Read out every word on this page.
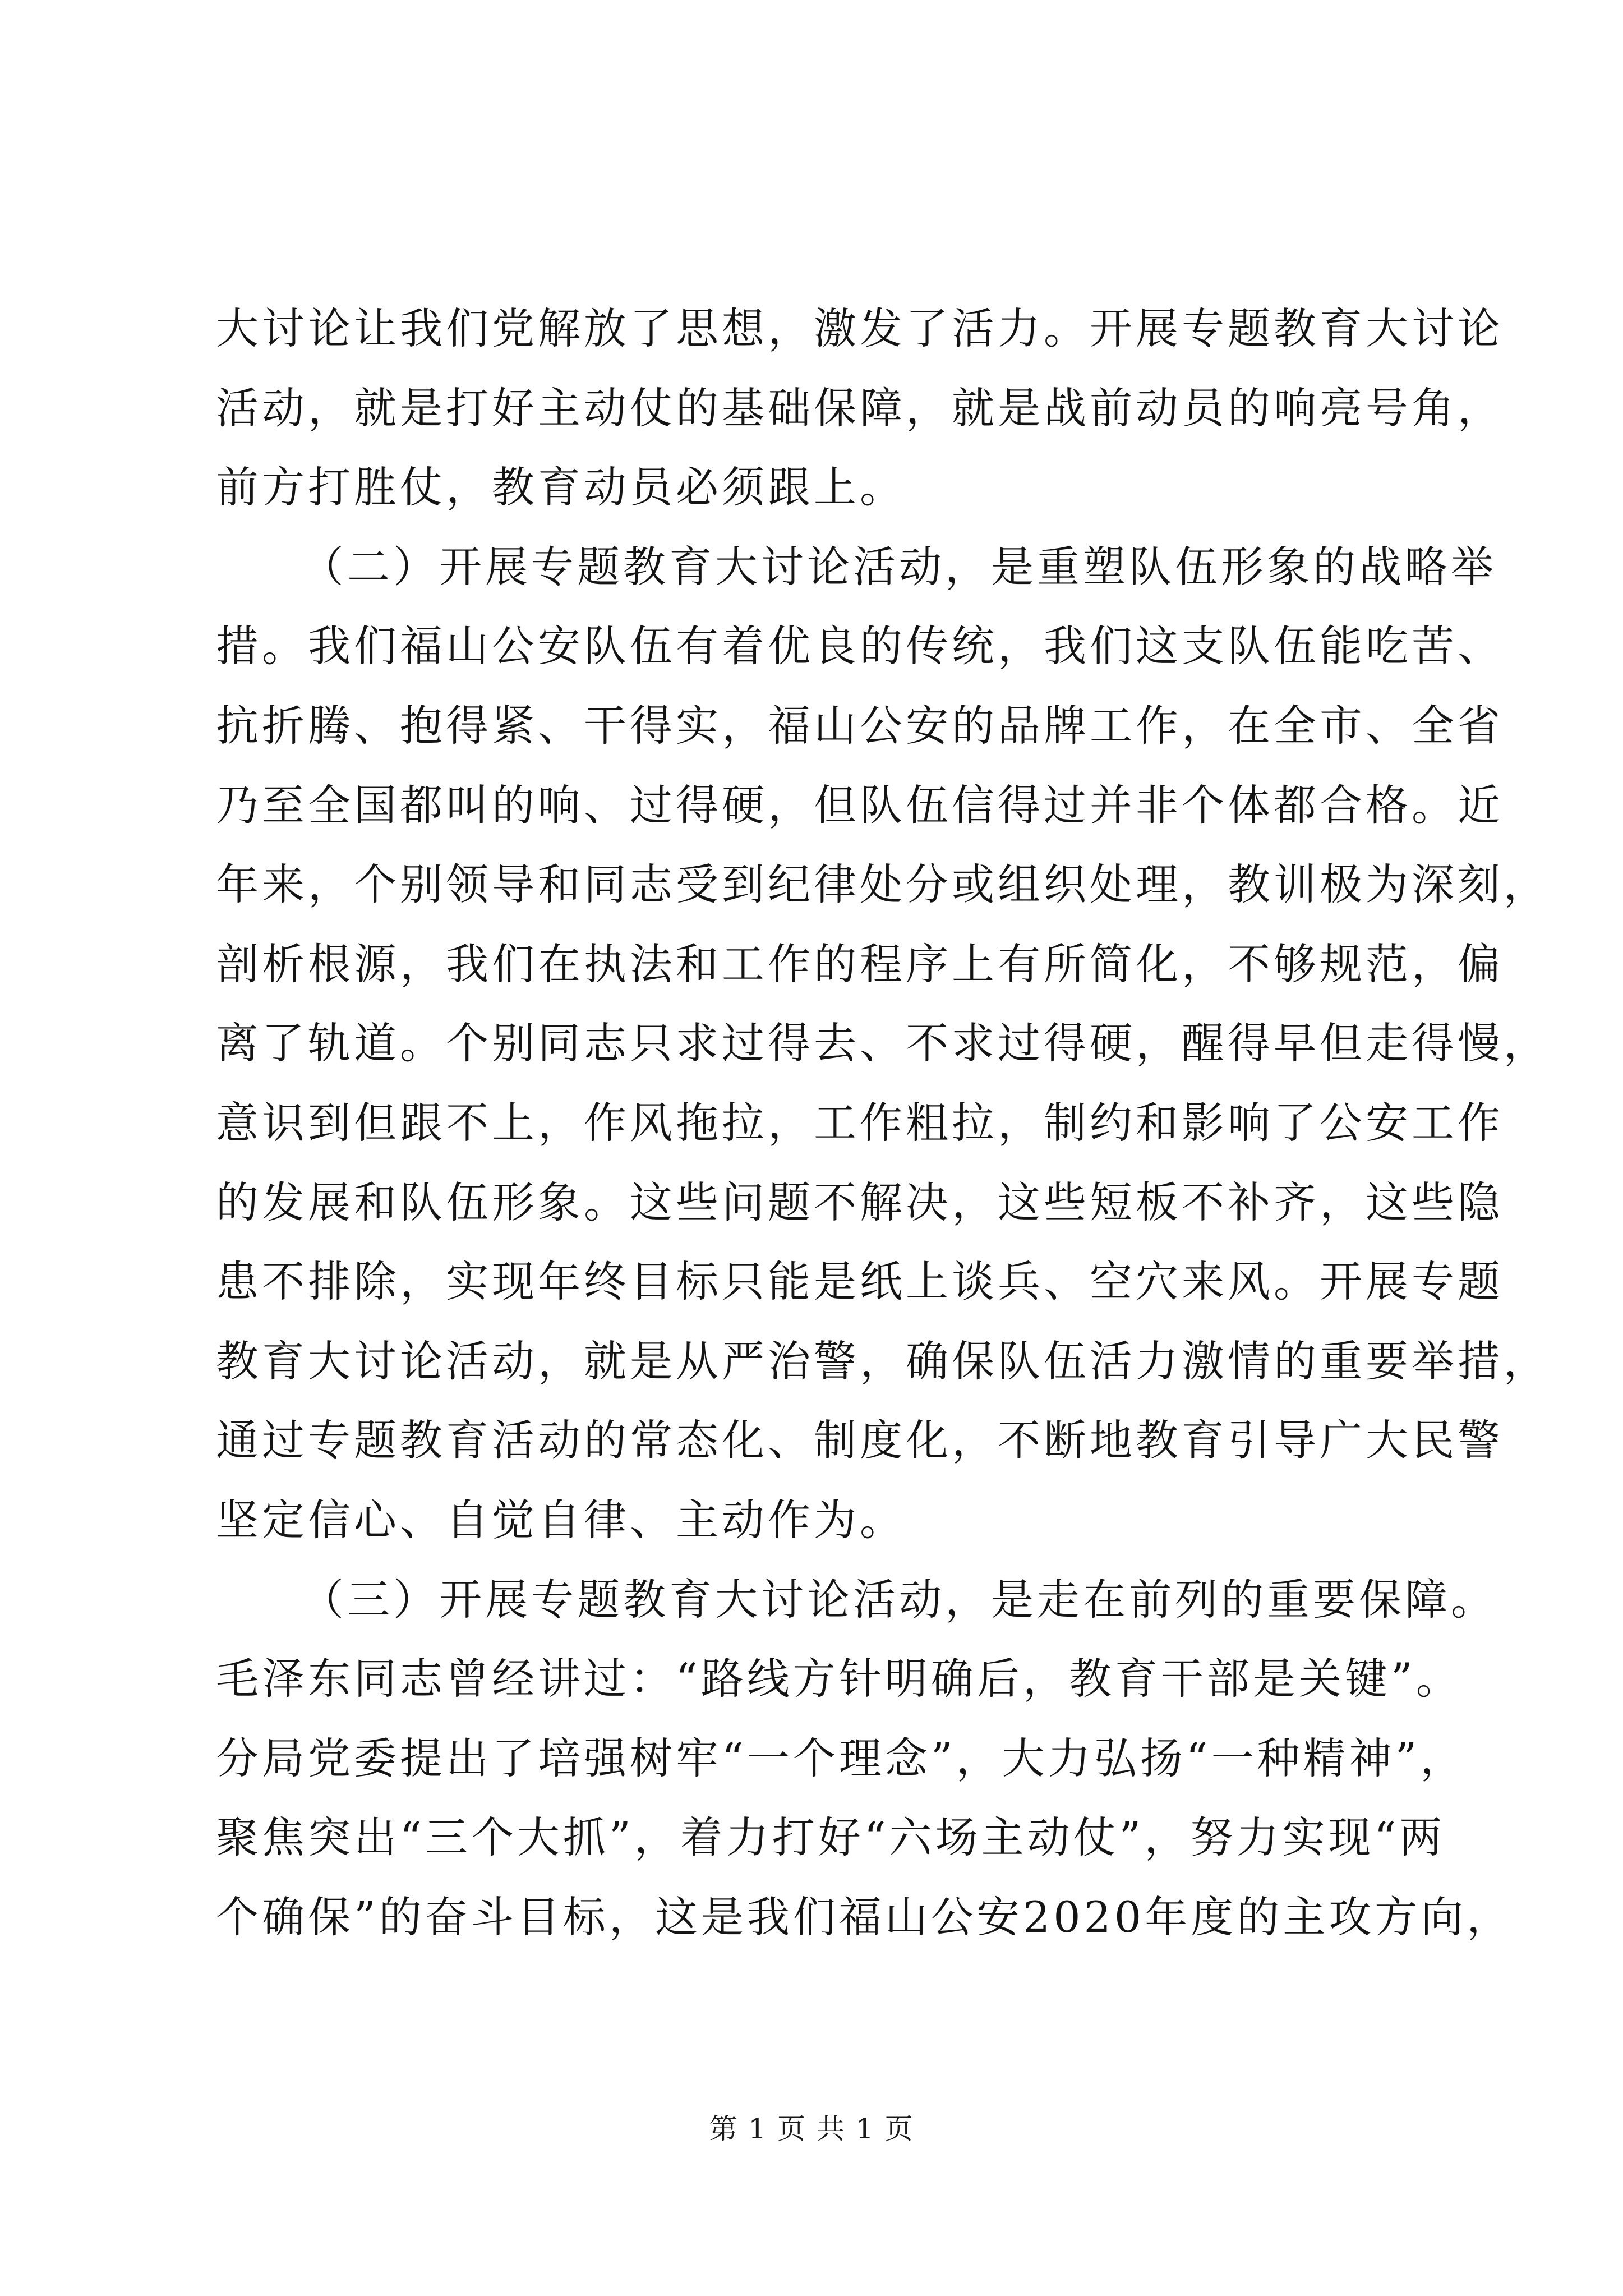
大讨论让我们党解放了思想，激发了活力。开展专题教育大讨论
活动，就是打好主动仗的基础保障，就是战前动员的响亮号角，
前方打胜仗，教育动员必须跟上。
（二）开展专题教育大讨论活动，是重塑队伍形象的战略举
措。我们福山公安队伍有着优良的传统，我们这支队伍能吃苦、
抗折腾、抱得紧、干得实，福山公安的品牌工作，在全市、全省
乃至全国都叫的响、过得硬，但队伍信得过并非个体都合格。近
年来，个别领导和同志受到纪律处分或组织处理，教训极为深刻，
剖析根源，我们在执法和工作的程序上有所简化，不够规范，偏
离了轨道。个别同志只求过得去、不求过得硬，醒得早但走得慢，
意识到但跟不上，作风拖拉，工作粗拉，制约和影响了公安工作
的发展和队伍形象。这些问题不解决，这些短板不补齐，这些隐
患不排除，实现年终目标只能是纸上谈兵、空穴来风。开展专题
教育大讨论活动，就是从严治警，确保队伍活力激情的重要举措，
通过专题教育活动的常态化、制度化，不断地教育引导广大民警
坚定信心、自觉自律、主动作为。
（三）开展专题教育大讨论活动，是走在前列的重要保障。
毛泽东同志曾经讲过：“路线方针明确后，教育干部是关键”。
分局党委提出了培强树牢“一个理念”，大力弘扬“一种精神”，
聚焦突出“三个大抓”，着力打好“六场主动仗”，努力实现“两
个确保”的奋斗目标，这是我们福山公安2020年度的主攻方向，
第 1 页 共 1 页
